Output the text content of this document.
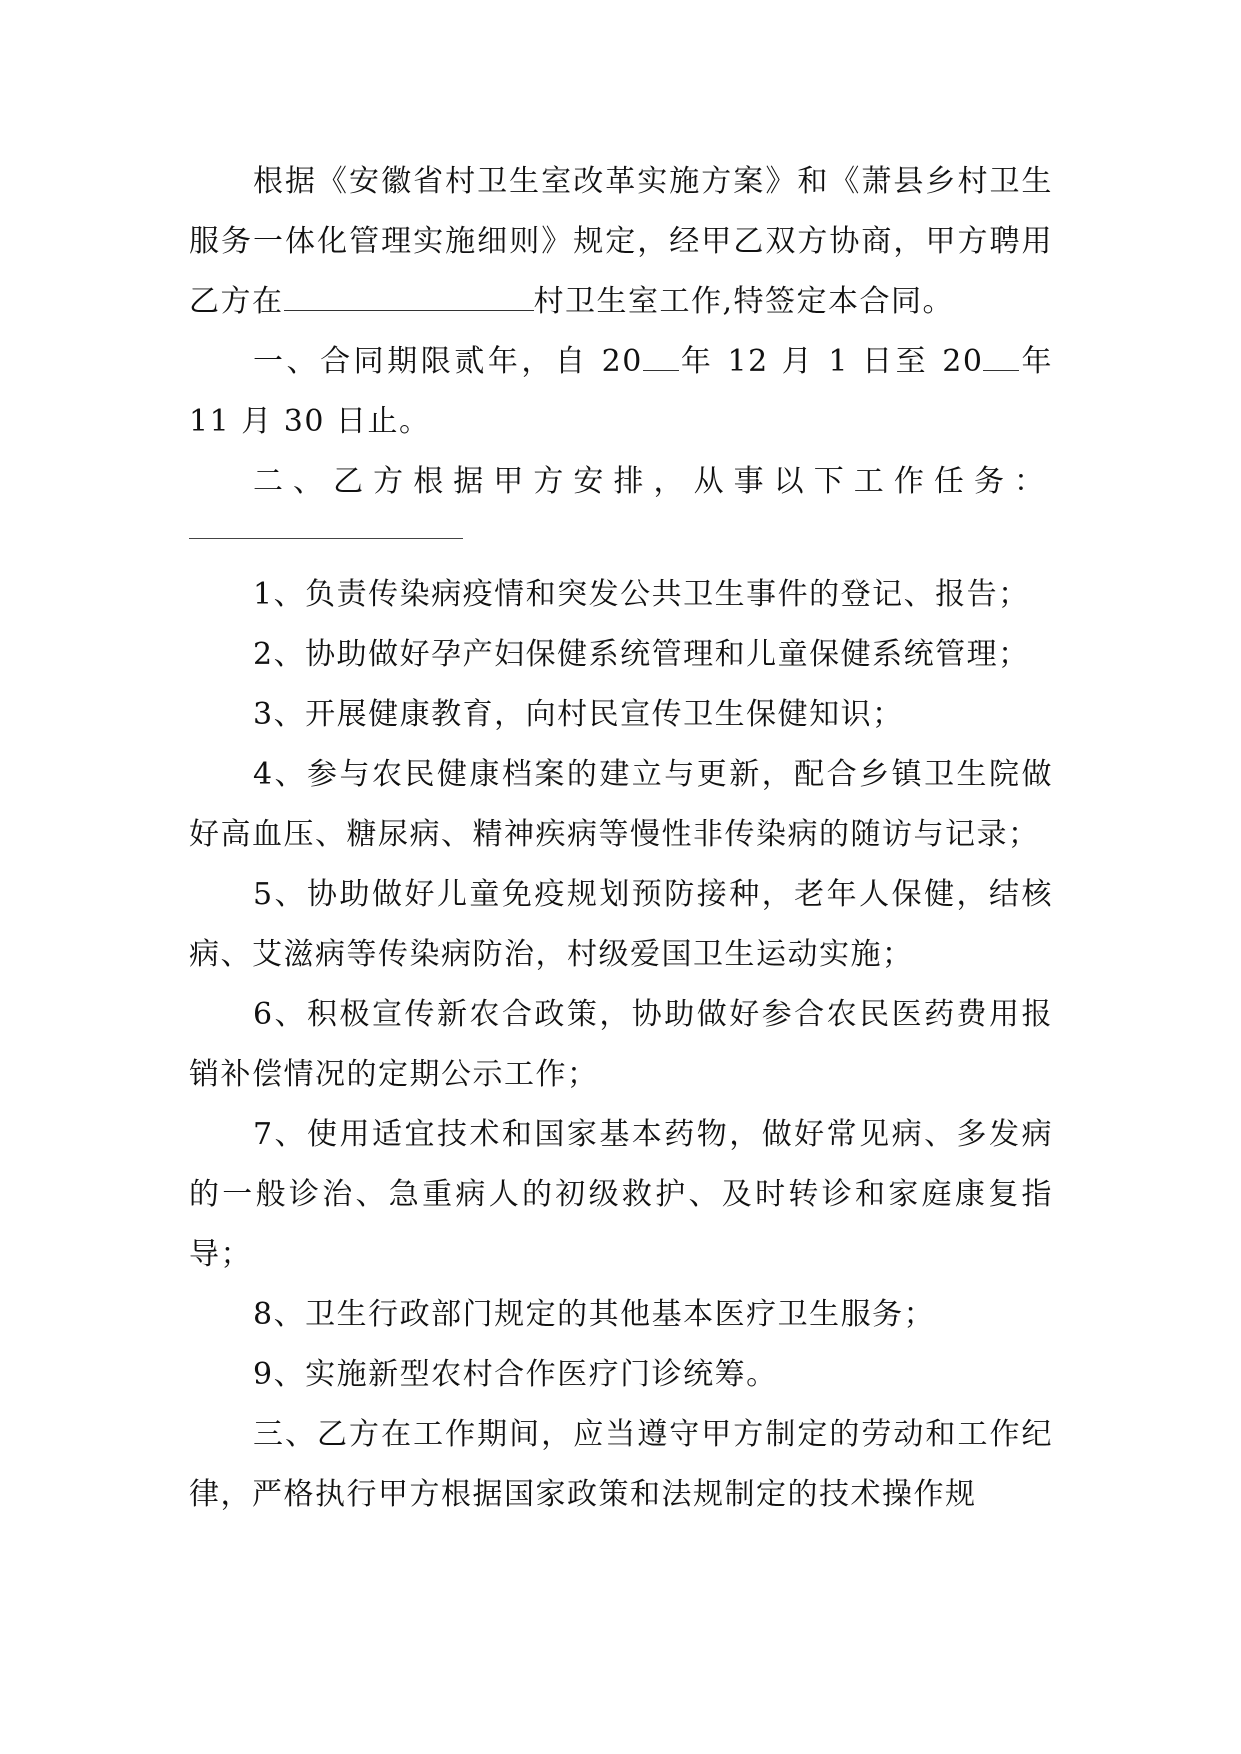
根据《安徽省村卫生室改革实施方案》和《萧县乡村卫生服务一体化管理实施细则》规定，经甲乙双方协商，甲方聘用乙方在	村卫生室工作,特签定本合同。

一、合同期限贰年，自 20 年 12 月 1 日至 20 年 11 月 30 日止。

二、乙方根据甲方安排，从事以下工作任务：

1、负责传染病疫情和突发公共卫生事件的登记、报告；

2、协助做好孕产妇保健系统管理和儿童保健系统管理；

3、开展健康教育，向村民宣传卫生保健知识；

4、参与农民健康档案的建立与更新，配合乡镇卫生院做好高血压、糖尿病、精神疾病等慢性非传染病的随访与记录；

5、协助做好儿童免疫规划预防接种，老年人保健，结核病、艾滋病等传染病防治，村级爱国卫生运动实施；

6、积极宣传新农合政策，协助做好参合农民医药费用报销补偿情况的定期公示工作；

7、使用适宜技术和国家基本药物，做好常见病、多发病的一般诊治、急重病人的初级救护、及时转诊和家庭康复指导；

8、卫生行政部门规定的其他基本医疗卫生服务；

9、实施新型农村合作医疗门诊统筹。

三、乙方在工作期间，应当遵守甲方制定的劳动和工作纪律，严格执行甲方根据国家政策和法规制定的技术操作规
